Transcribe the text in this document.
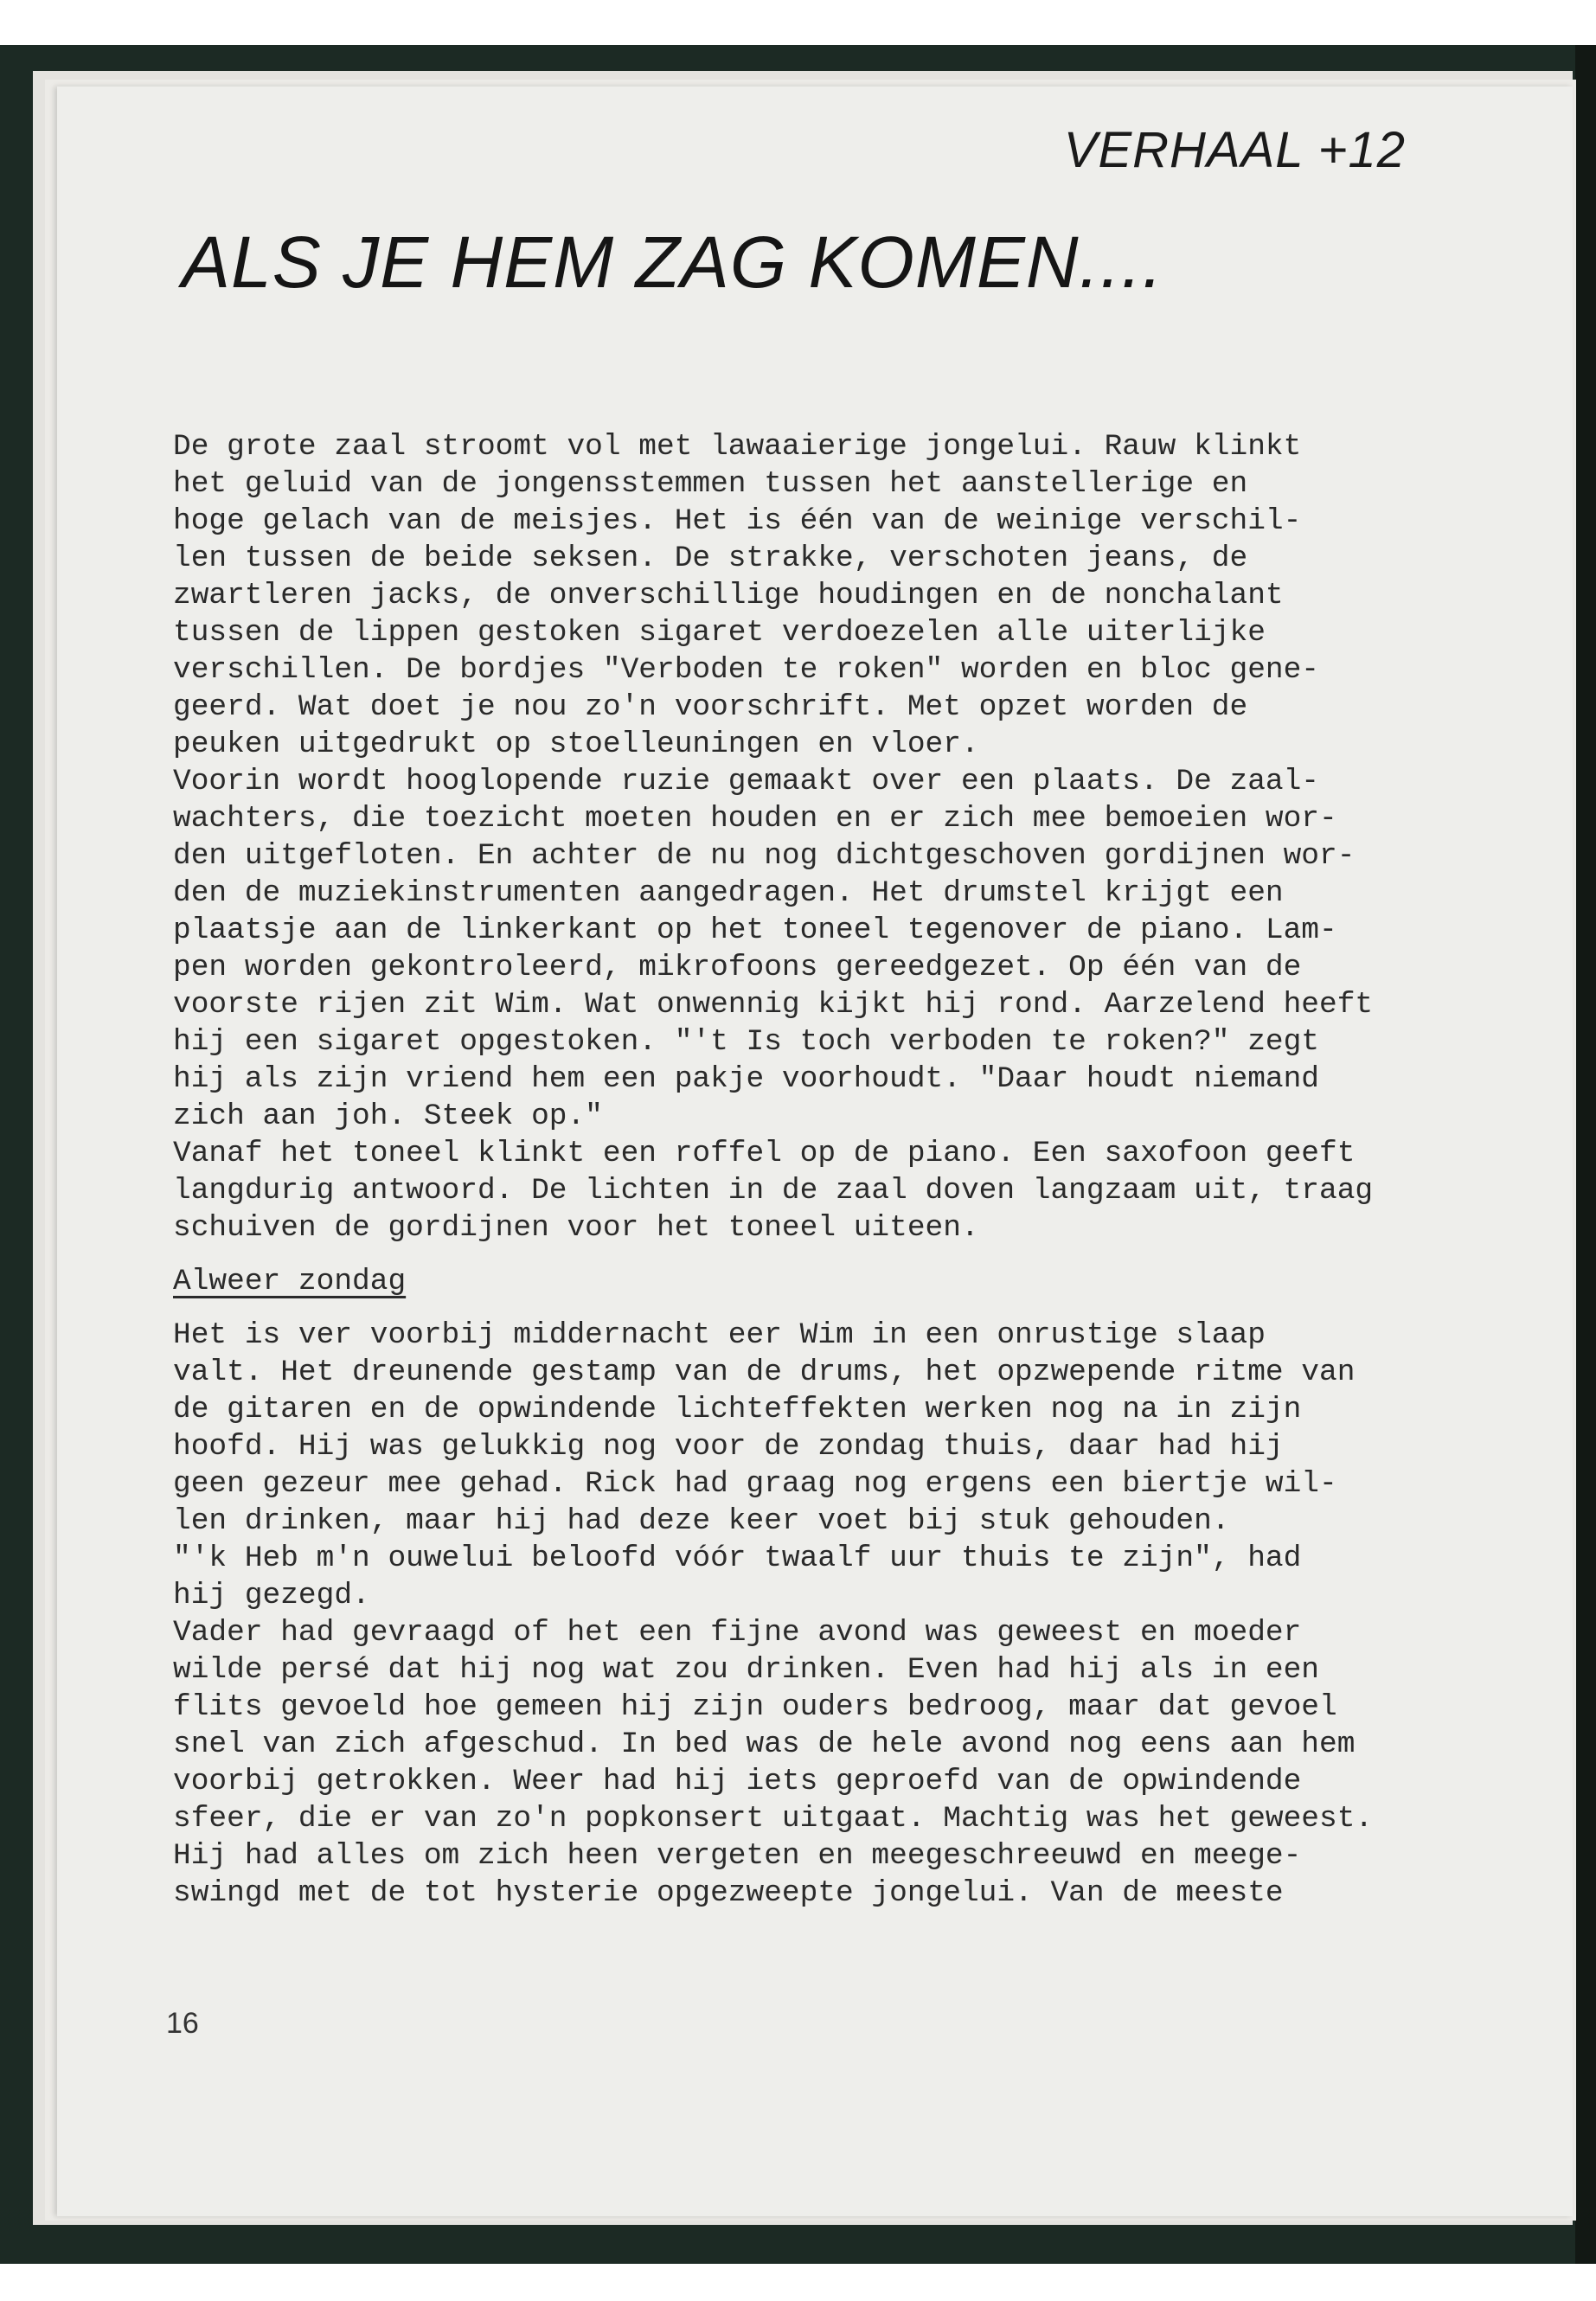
VERHAAL +12
ALS JE HEM ZAG KOMEN....

De grote zaal stroomt vol met lawaaierige jongelui. Rauw klinkt

het geluid van de jongensstemmen tussen het aanstellerige en

hoge gelach van de meisjes. Het is één van de weinige verschil-

len tussen de beide seksen. De strakke, verschoten jeans, de

zwartleren jacks, de onverschillige houdingen en de nonchalant

tussen de lippen gestoken sigaret verdoezelen alle uiterlijke

verschillen. De bordjes "Verboden te roken" worden en bloc gene-

geerd. Wat doet je nou zo'n voorschrift. Met opzet worden de

peuken uitgedrukt op stoelleuningen en vloer.

Voorin wordt hooglopende ruzie gemaakt over een plaats. De zaal-

wachters, die toezicht moeten houden en er zich mee bemoeien wor-

den uitgefloten. En achter de nu nog dichtgeschoven gordijnen wor-

den de muziekinstrumenten aangedragen. Het drumstel krijgt een

plaatsje aan de linkerkant op het toneel tegenover de piano. Lam-

pen worden gekontroleerd, mikrofoons gereedgezet. Op één van de

voorste rijen zit Wim. Wat onwennig kijkt hij rond. Aarzelend heeft

hij een sigaret opgestoken. "'t Is toch verboden te roken?" zegt

hij als zijn vriend hem een pakje voorhoudt. "Daar houdt niemand

zich aan joh. Steek op."

Vanaf het toneel klinkt een roffel op de piano. Een saxofoon geeft

langdurig antwoord. De lichten in de zaal doven langzaam uit, traag

schuiven de gordijnen voor het toneel uiteen.

Alweer zondag

Het is ver voorbij middernacht eer Wim in een onrustige slaap

valt. Het dreunende gestamp van de drums, het opzwepende ritme van

de gitaren en de opwindende lichteffekten werken nog na in zijn

hoofd. Hij was gelukkig nog voor de zondag thuis, daar had hij

geen gezeur mee gehad. Rick had graag nog ergens een biertje wil-

len drinken, maar hij had deze keer voet bij stuk gehouden.

"'k Heb m'n ouwelui beloofd vóór twaalf uur thuis te zijn", had

hij gezegd.

Vader had gevraagd of het een fijne avond was geweest en moeder

wilde persé dat hij nog wat zou drinken. Even had hij als in een

flits gevoeld hoe gemeen hij zijn ouders bedroog, maar dat gevoel

snel van zich afgeschud. In bed was de hele avond nog eens aan hem

voorbij getrokken. Weer had hij iets geproefd van de opwindende

sfeer, die er van zo'n popkonsert uitgaat. Machtig was het geweest.

Hij had alles om zich heen vergeten en meegeschreeuwd en meege-

swingd met de tot hysterie opgezweepte jongelui. Van de meeste

16
